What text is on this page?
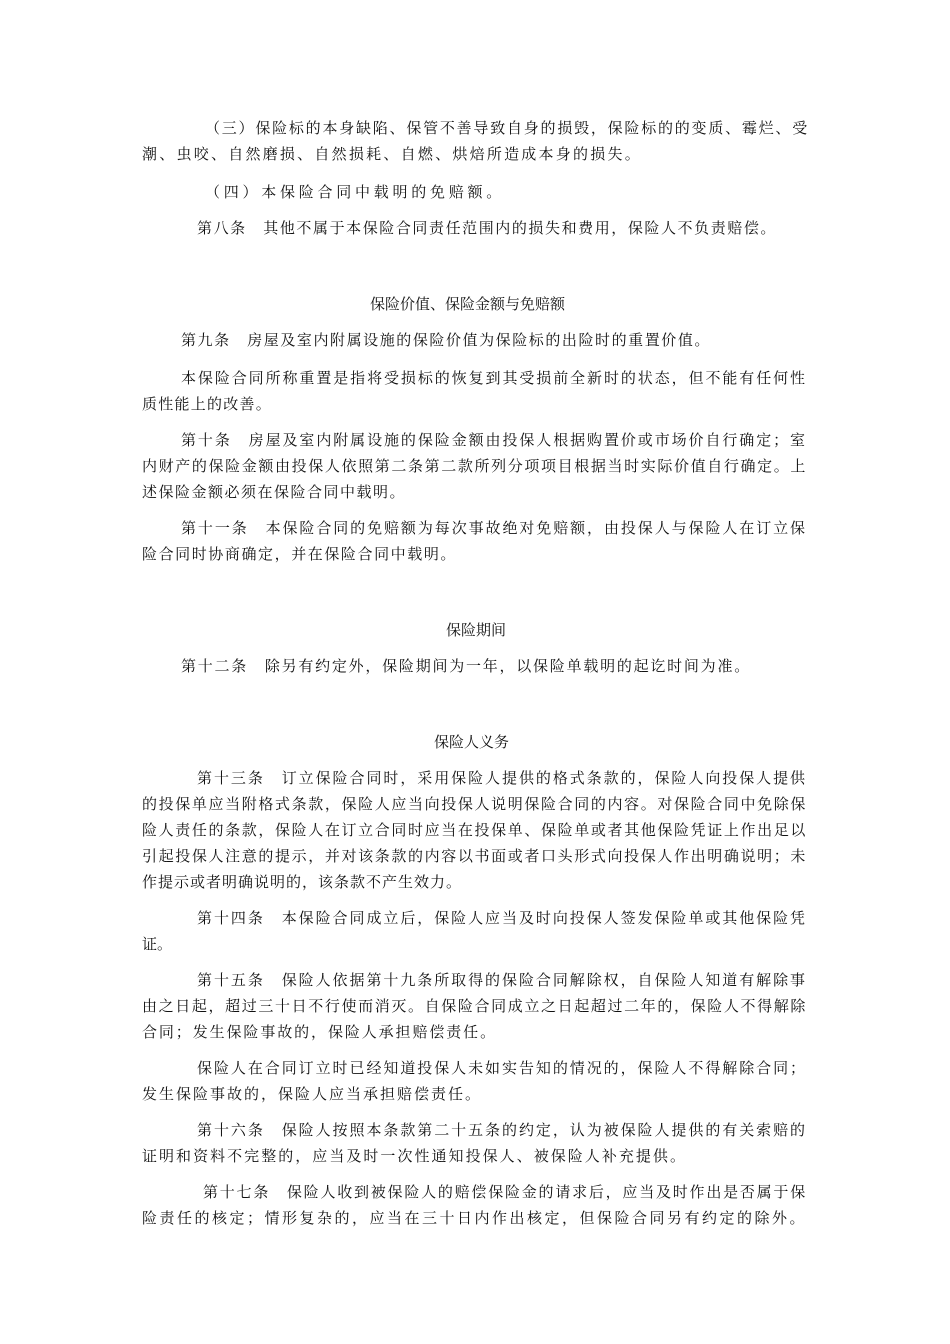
（三）保险标的本身缺陷、保管不善导致自身的损毁，保险标的的变质、霉烂、受
潮、虫咬、自然磨损、自然损耗、自燃、烘焙所造成本身的损失。
（四）本保险合同中载明的免赔额。
第八条　其他不属于本保险合同责任范围内的损失和费用，保险人不负责赔偿。
保险价值、保险金额与免赔额
第九条　房屋及室内附属设施的保险价值为保险标的出险时的重置价值。
本保险合同所称重置是指将受损标的恢复到其受损前全新时的状态，但不能有任何性
质性能上的改善。
第十条　房屋及室内附属设施的保险金额由投保人根据购置价或市场价自行确定；室
内财产的保险金额由投保人依照第二条第二款所列分项项目根据当时实际价值自行确定。上
述保险金额必须在保险合同中载明。
第十一条　本保险合同的免赔额为每次事故绝对免赔额，由投保人与保险人在订立保
险合同时协商确定，并在保险合同中载明。
保险期间
第十二条　除另有约定外，保险期间为一年，以保险单载明的起讫时间为准。
保险人义务
第十三条　订立保险合同时，采用保险人提供的格式条款的，保险人向投保人提供
的投保单应当附格式条款，保险人应当向投保人说明保险合同的内容。对保险合同中免除保
险人责任的条款，保险人在订立合同时应当在投保单、保险单或者其他保险凭证上作出足以
引起投保人注意的提示，并对该条款的内容以书面或者口头形式向投保人作出明确说明；未
作提示或者明确说明的，该条款不产生效力。
第十四条　本保险合同成立后，保险人应当及时向投保人签发保险单或其他保险凭
证。
第十五条　保险人依据第十九条所取得的保险合同解除权，自保险人知道有解除事
由之日起，超过三十日不行使而消灭。自保险合同成立之日起超过二年的，保险人不得解除
合同；发生保险事故的，保险人承担赔偿责任。
保险人在合同订立时已经知道投保人未如实告知的情况的，保险人不得解除合同；
发生保险事故的，保险人应当承担赔偿责任。
第十六条　保险人按照本条款第二十五条的约定，认为被保险人提供的有关索赔的
证明和资料不完整的，应当及时一次性通知投保人、被保险人补充提供。
第十七条　保险人收到被保险人的赔偿保险金的请求后，应当及时作出是否属于保
险责任的核定；情形复杂的，应当在三十日内作出核定，但保险合同另有约定的除外。
